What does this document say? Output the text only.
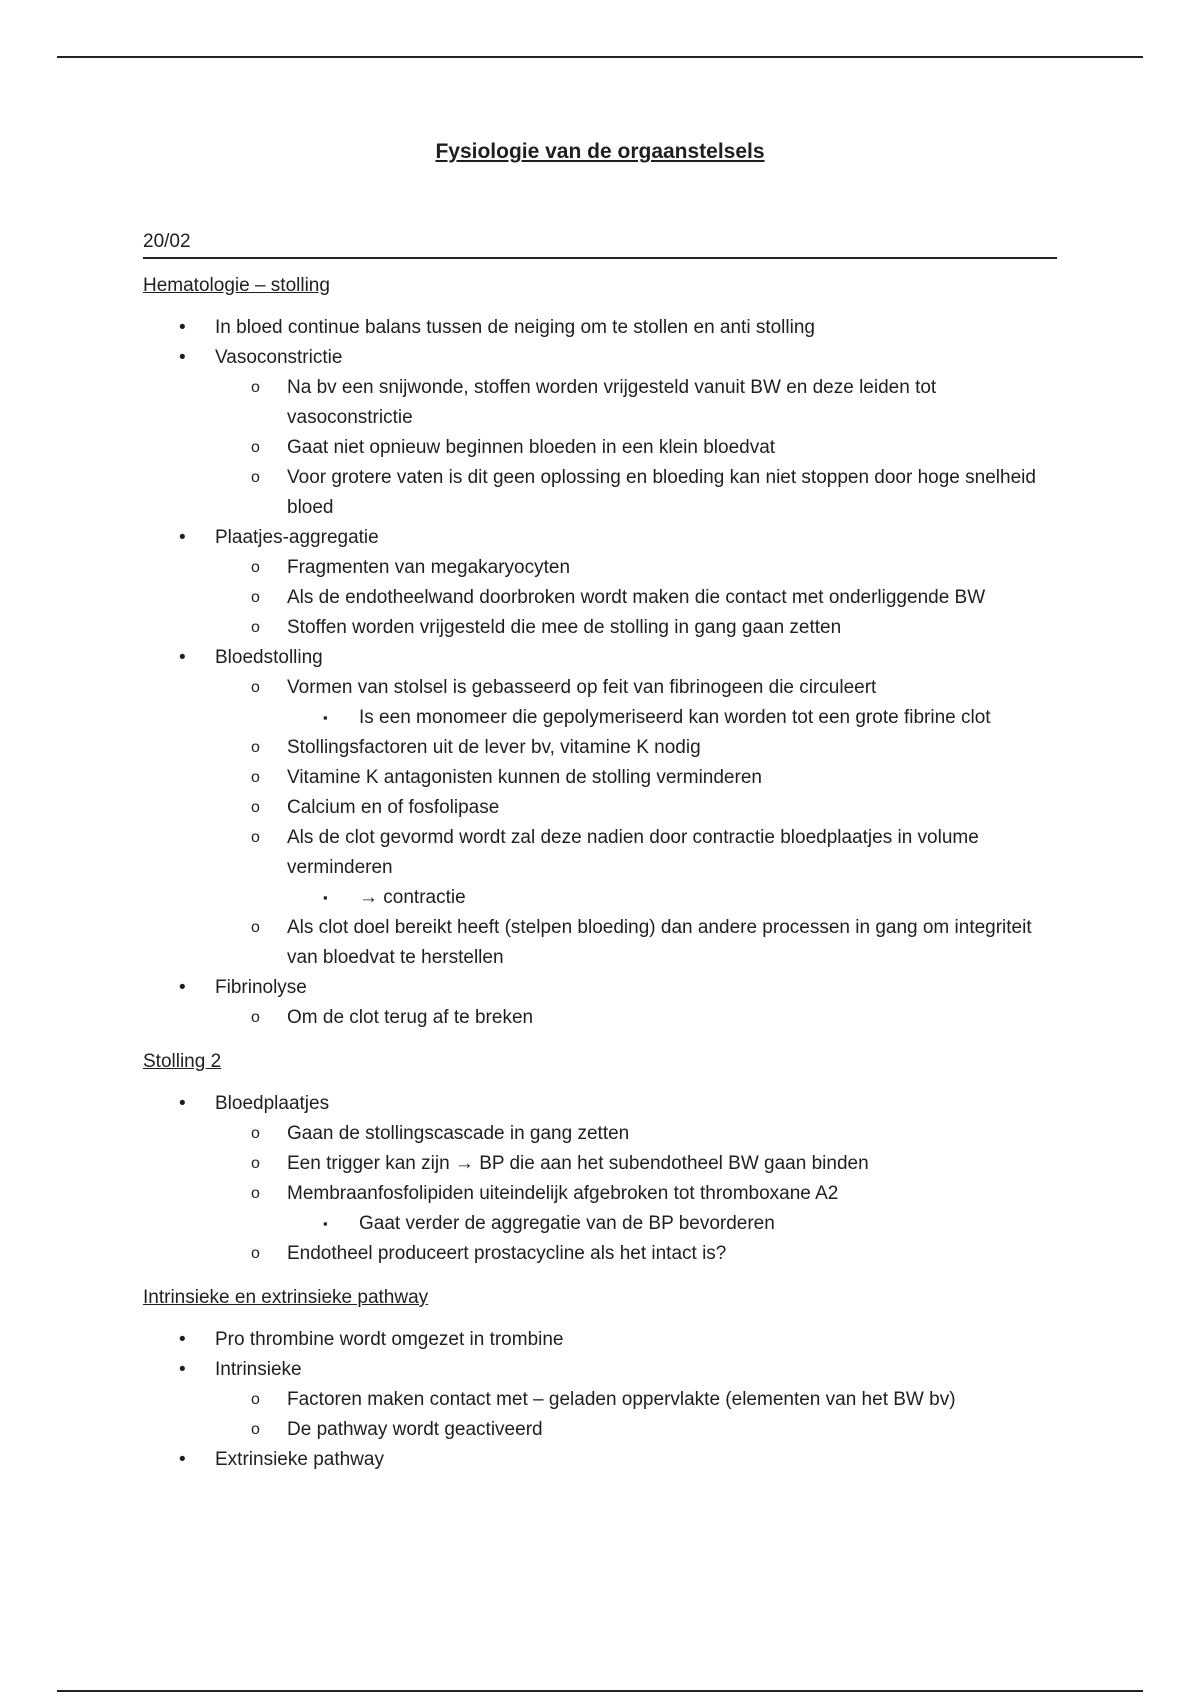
Fysiologie van de orgaanstelsels
20/02
Hematologie – stolling
• In bloed continue balans tussen de neiging om te stollen en anti stolling
• Vasoconstrictie
o Na bv een snijwonde, stoffen worden vrijgesteld vanuit BW en deze leiden tot vasoconstrictie
o Gaat niet opnieuw beginnen bloeden in een klein bloedvat
o Voor grotere vaten is dit geen oplossing en bloeding kan niet stoppen door hoge snelheid bloed
• Plaatjes-aggregatie
o Fragmenten van megakaryocyten
o Als de endotheelwand doorbroken wordt maken die contact met onderliggende BW
o Stoffen worden vrijgesteld die mee de stolling in gang gaan zetten
• Bloedstolling
o Vormen van stolsel is gebasseerd op feit van fibrinogeen die circuleert
▪ Is een monomeer die gepolymeriseerd kan worden tot een grote fibrine clot
o Stollingsfactoren uit de lever bv, vitamine K nodig
o Vitamine K antagonisten kunnen de stolling verminderen
o Calcium en of fosfolipase
o Als de clot gevormd wordt zal deze nadien door contractie bloedplaatjes in volume verminderen
▪ → contractie
o Als clot doel bereikt heeft (stelpen bloeding) dan andere processen in gang om integriteit van bloedvat te herstellen
• Fibrinolyse
o Om de clot terug af te breken
Stolling 2
• Bloedplaatjes
o Gaan de stollingscascade in gang zetten
o Een trigger kan zijn → BP die aan het subendotheel BW gaan binden
o Membraanfosfolipiden uiteindelijk afgebroken tot thromboxane A2
▪ Gaat verder de aggregatie van de BP bevorderen
o Endotheel produceert prostacycline als het intact is?
Intrinsieke en extrinsieke pathway
• Pro thrombine wordt omgezet in trombine
• Intrinsieke
o Factoren maken contact met – geladen oppervlakte (elementen van het BW bv)
o De pathway wordt geactiveerd
• Extrinsieke pathway
